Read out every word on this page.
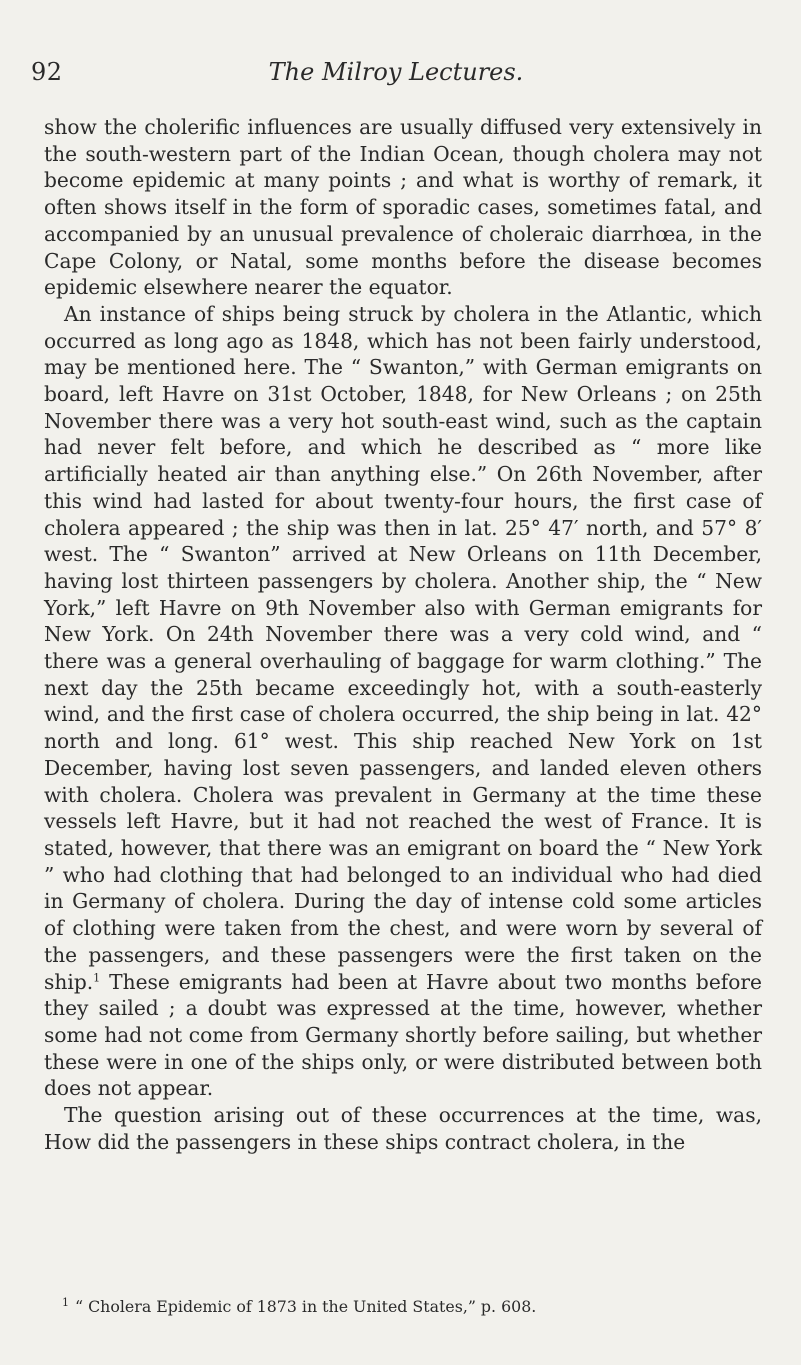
92	The Milroy Lectures.

show the cholerific influences are usually diffused very extensively in the south-western part of the Indian Ocean, though cholera may not become epidemic at many points ; and what is worthy of remark, it often shows itself in the form of sporadic cases, sometimes fatal, and accompanied by an unusual prevalence of choleraic diarrhœa, in the Cape Colony, or Natal, some months before the disease becomes epidemic elsewhere nearer the equator.

An instance of ships being struck by cholera in the Atlantic, which occurred as long ago as 1848, which has not been fairly understood, may be mentioned here. The “ Swanton,” with German emigrants on board, left Havre on 31st October, 1848, for New Orleans ; on 25th November there was a very hot south-east wind, such as the captain had never felt before, and which he described as “ more like artificially heated air than anything else.” On 26th November, after this wind had lasted for about twenty-four hours, the first case of cholera appeared ; the ship was then in lat. 25° 47′ north, and 57° 8′ west. The “ Swanton” arrived at New Orleans on 11th December, having lost thirteen passengers by cholera. Another ship, the “ New York,” left Havre on 9th November also with German emigrants for New York. On 24th November there was a very cold wind, and “ there was a general overhauling of baggage for warm clothing.” The next day the 25th became exceedingly hot, with a south-easterly wind, and the first case of cholera occurred, the ship being in lat. 42° north and long. 61° west. This ship reached New York on 1st December, having lost seven passengers, and landed eleven others with cholera. Cholera was prevalent in Germany at the time these vessels left Havre, but it had not reached the west of France. It is stated, however, that there was an emigrant on board the “ New York ” who had clothing that had belonged to an individual who had died in Germany of cholera. During the day of intense cold some articles of clothing were taken from the chest, and were worn by several of the passengers, and these passengers were the first taken on the ship.$^1$ These emigrants had been at Havre about two months before they sailed ; a doubt was expressed at the time, however, whether some had not come from Germany shortly before sailing, but whether these were in one of the ships only, or were distributed between both does not appear.

The question arising out of these occurrences at the time, was, How did the passengers in these ships contract cholera, in the

$^1$ “ Cholera Epidemic of 1873 in the United States,” p. 608.
